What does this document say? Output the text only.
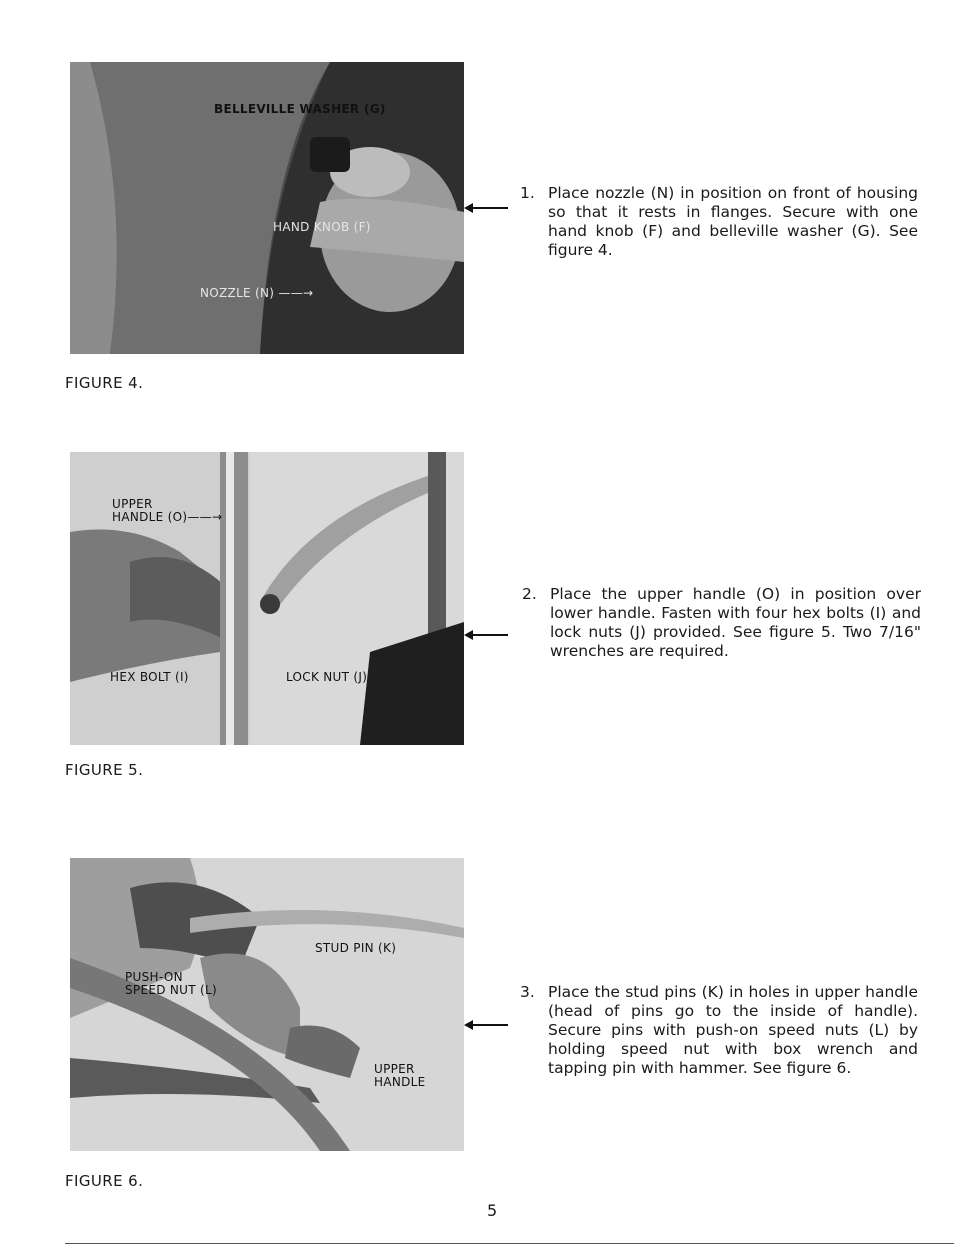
BELLEVILLE WASHER (G)
HAND KNOB (F)
NOZZLE (N) ——→
FIGURE 4.
1. Place nozzle (N) in position on front of housing so that it rests in flanges. Secure with one hand knob (F) and belleville washer (G). See figure 4.
UPPER
HANDLE (O)——→
HEX BOLT (I)	LOCK NUT (J)
FIGURE 5.
2. Place the upper handle (O) in position over lower handle. Fasten with four hex bolts (I) and lock nuts (J) provided. See figure 5. Two 7/16" wrenches are required.
STUD PIN (K)
PUSH-ON
SPEED NUT (L)
UPPER
HANDLE
FIGURE 6.
3. Place the stud pins (K) in holes in upper handle (head of pins go to the inside of handle). Secure pins with push-on speed nuts (L) by holding speed nut with box wrench and tapping pin with hammer. See figure 6.
5
